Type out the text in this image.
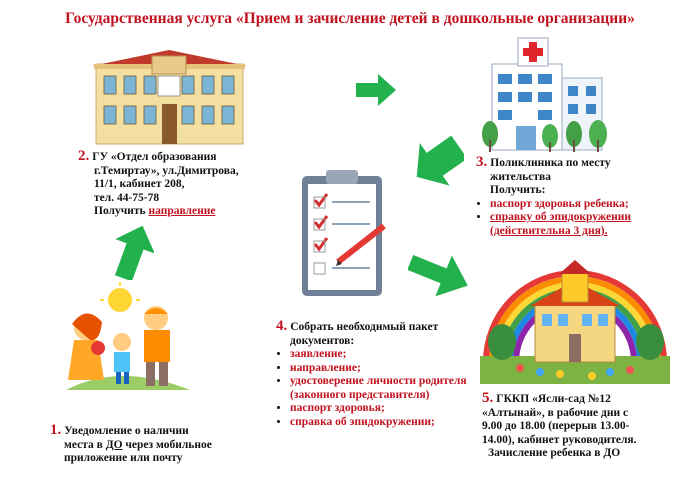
Государственная услуга «Прием и зачисление детей в дошкольные организации»
2. ГУ «Отдел образования
г.Темиртау», ул.Димитрова,
11/1, кабинет 208,
тел. 44-75-78
Получить направление
3. Поликлиника по месту
жительства
Получить:
• паспорт здоровья ребенка;
• справку об эпидокружении (действительна 3 дня).
4. Собрать необходимый пакет
документов:
• заявление;
• направление;
• удостоверение личности родителя (законного представителя)
• паспорт здоровья;
• справка об эпидокружении;
5. ГККП «Ясли-сад №12
«Алтынай», в рабочие дни с
9.00 до 18.00 (перерыв 13.00-
14.00), кабинет руководителя.
Зачисление ребенка в ДО
1. Уведомление о наличии
места в ДО через мобильное
приложение или почту
